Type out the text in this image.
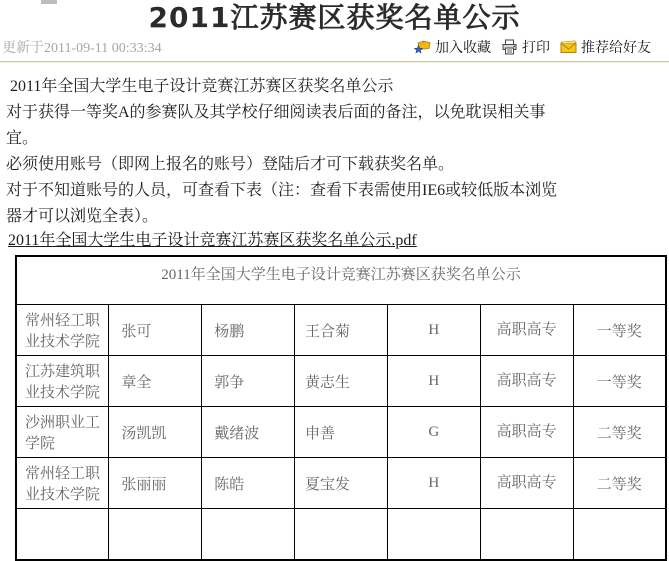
2011江苏赛区获奖名单公示
更新于2011-09-11 00:33:34	加入收藏 打印 推荐给好友
2011年全国大学生电子设计竞赛江苏赛区获奖名单公示
对于获得一等奖A的参赛队及其学校仔细阅读表后面的备注，以免耽误相关事
宜。
必须使用账号（即网上报名的账号）登陆后才可下载获奖名单。
对于不知道账号的人员，可查看下表（注：查看下表需使用IE6或较低版本浏览
器才可以浏览全表）。
2011年全国大学生电子设计竞赛江苏赛区获奖名单公示.pdf
2011年全国大学生电子设计竞赛江苏赛区获奖名单公示						
常州轻工职业技术学院	张可	杨鹏	王合菊	H	高职高专	一等奖
江苏建筑职业技术学院	章全	郭争	黄志生	H	高职高专	一等奖
沙洲职业工学院	汤凯凯	戴绪波	申善	G	高职高专	二等奖
常州轻工职业技术学院	张丽丽	陈皓	夏宝发	H	高职高专	二等奖
